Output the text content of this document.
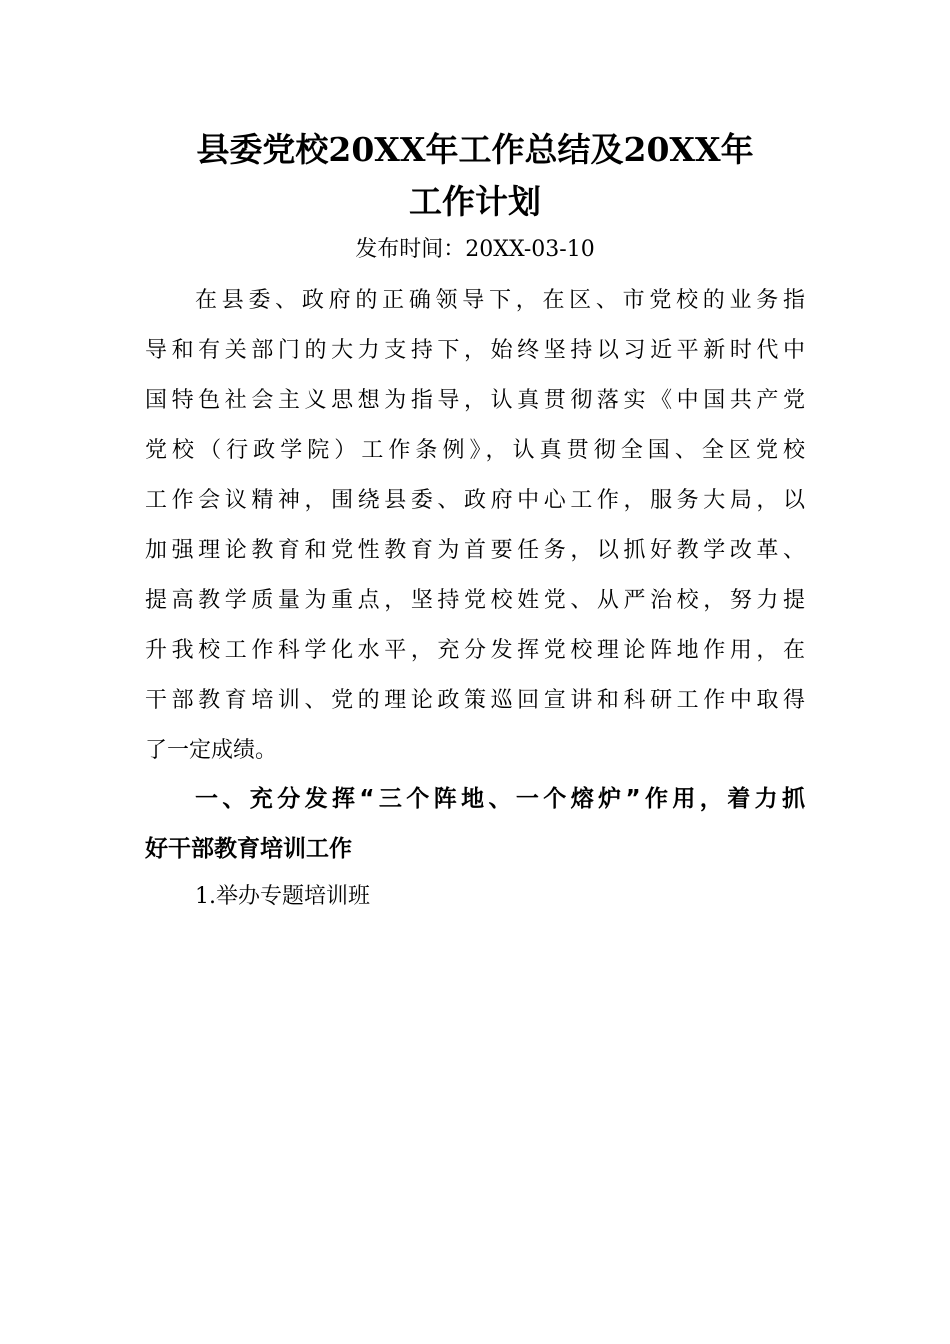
县委党校20XX年工作总结及20XX年
工作计划
发布时间：20XX-03-10
在县委、政府的正确领导下，在区、市党校的业务指
导和有关部门的大力支持下，始终坚持以习近平新时代中
国特色社会主义思想为指导，认真贯彻落实《中国共产党
党校（行政学院）工作条例》，认真贯彻全国、全区党校
工作会议精神，围绕县委、政府中心工作，服务大局，以
加强理论教育和党性教育为首要任务，以抓好教学改革、
提高教学质量为重点，坚持党校姓党、从严治校，努力提
升我校工作科学化水平，充分发挥党校理论阵地作用，在
干部教育培训、党的理论政策巡回宣讲和科研工作中取得
了一定成绩。
一、充分发挥“三个阵地、一个熔炉”作用，着力抓
好干部教育培训工作
1.举办专题培训班
